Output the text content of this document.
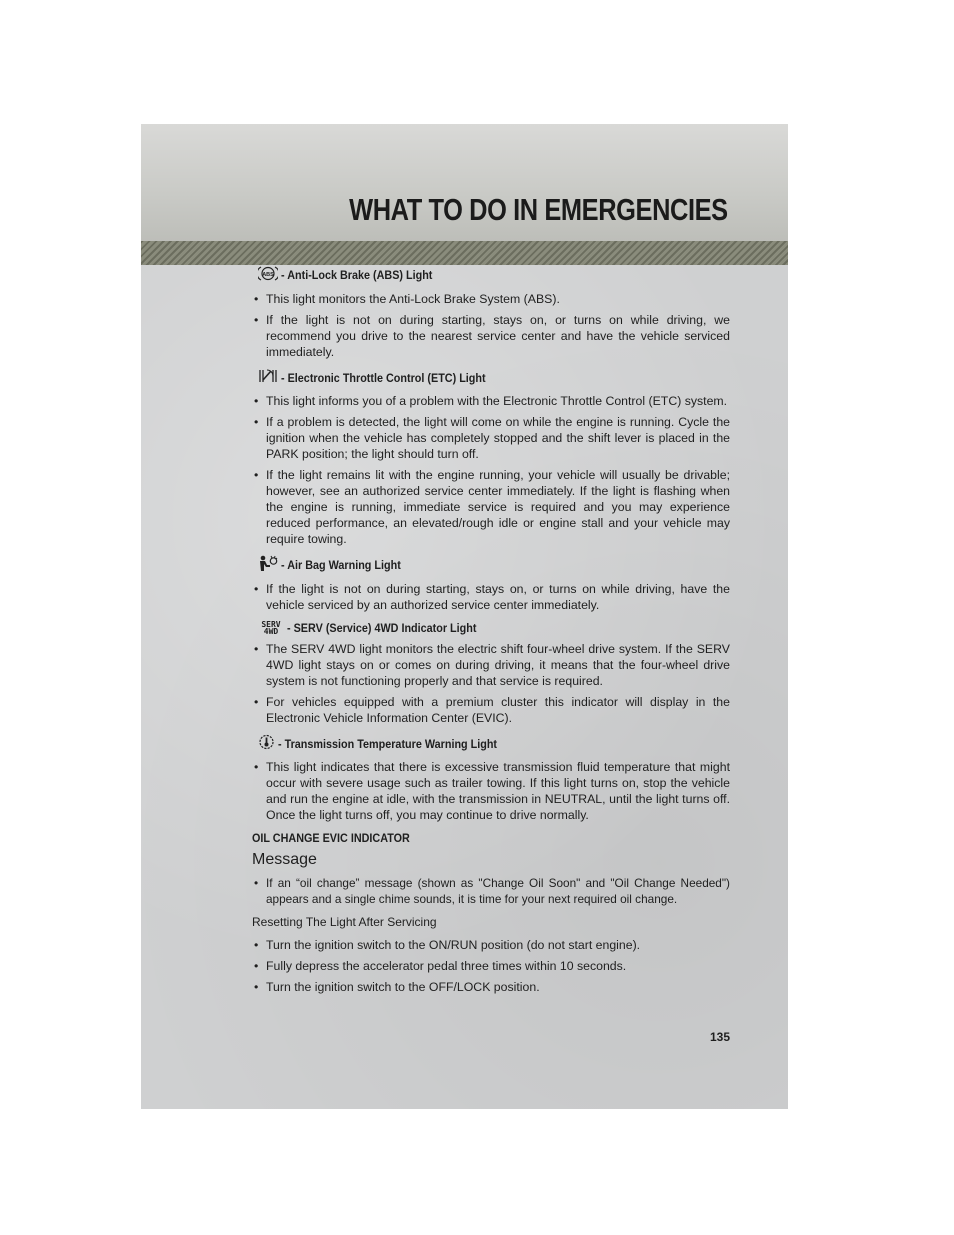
WHAT TO DO IN EMERGENCIES
ABS - Anti-Lock Brake (ABS) Light
• This light monitors the Anti-Lock Brake System (ABS).
• If the light is not on during starting, stays on, or turns on while driving, we recommend you drive to the nearest service center and have the vehicle serviced immediately.
- Electronic Throttle Control (ETC) Light
• This light informs you of a problem with the Electronic Throttle Control (ETC) system.
• If a problem is detected, the light will come on while the engine is running. Cycle the ignition when the vehicle has completely stopped and the shift lever is placed in the PARK position; the light should turn off.
• If the light remains lit with the engine running, your vehicle will usually be drivable; however, see an authorized service center immediately. If the light is flashing when the engine is running, immediate service is required and you may experience reduced performance, an elevated/rough idle or engine stall and your vehicle may require towing.
- Air Bag Warning Light
• If the light is not on during starting, stays on, or turns on while driving, have the vehicle serviced by an authorized service center immediately.
SERV
4WD - SERV (Service) 4WD Indicator Light
• The SERV 4WD light monitors the electric shift four-wheel drive system. If the SERV 4WD light stays on or comes on during driving, it means that the four-wheel drive system is not functioning properly and that service is required.
• For vehicles equipped with a premium cluster this indicator will display in the Electronic Vehicle Information Center (EVIC).
- Transmission Temperature Warning Light
• This light indicates that there is excessive transmission fluid temperature that might occur with severe usage such as trailer towing. If this light turns on, stop the vehicle and run the engine at idle, with the transmission in NEUTRAL, until the light turns off. Once the light turns off, you may continue to drive normally.
OIL CHANGE EVIC INDICATOR
Message
• If an “oil change” message (shown as "Change Oil Soon" and "Oil Change Needed") appears and a single chime sounds, it is time for your next required oil change.
Resetting The Light After Servicing
• Turn the ignition switch to the ON/RUN position (do not start engine).
• Fully depress the accelerator pedal three times within 10 seconds.
• Turn the ignition switch to the OFF/LOCK position.
135
